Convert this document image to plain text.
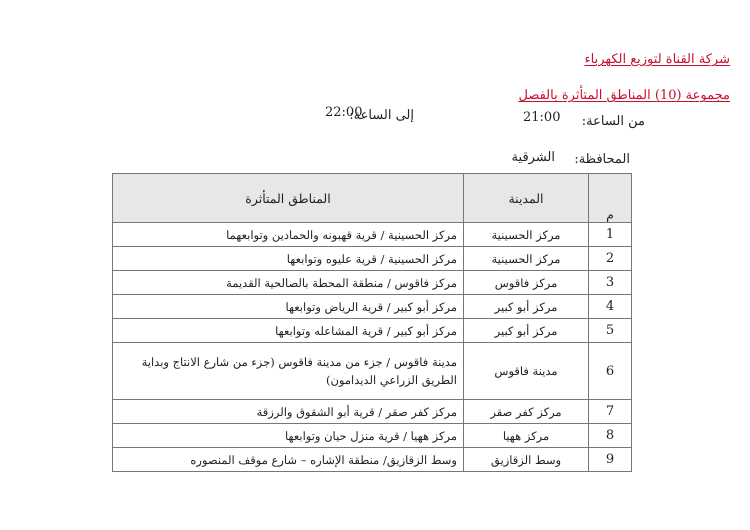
شركة القناة لتوزيع الكهرباء
مجموعة (10) المناطق المتأثرة بالفصل
من الساعة:
21:00
إلى الساعة:
22:00
المحافظة:
الشرقية
م	المدينة	المناطق المتأثرة
1	مركز الحسينية	مركز الحسينية / قرية قهبونه والحمادين وتوابعهما
2	مركز الحسينية	مركز الحسينية / قرية عليوه وتوابعها
3	مركز فاقوس	مركز فاقوس / منطقة المحطة بالصالحية القديمة
4	مركز أبو كبير	مركز أبو كبير / قرية الرياض وتوابعها
5	مركز أبو كبير	مركز أبو كبير / قرية المشاعله وتوابعها
6	مدينة فاقوس	مدينة فاقوس / جزء من مدينة فاقوس (جزء من شارع الانتاج وبداية الطريق الزراعي الديدامون)
7	مركز كفر صقر	مركز كفر صقر / قرية أبو الشقوق والرزقة
8	مركز ههيا	مركز ههيا / قرية منزل حيان وتوابعها
9	وسط الزقازيق	وسط الزقازيق/ منطقة الإشاره – شارع موقف المنصوره
